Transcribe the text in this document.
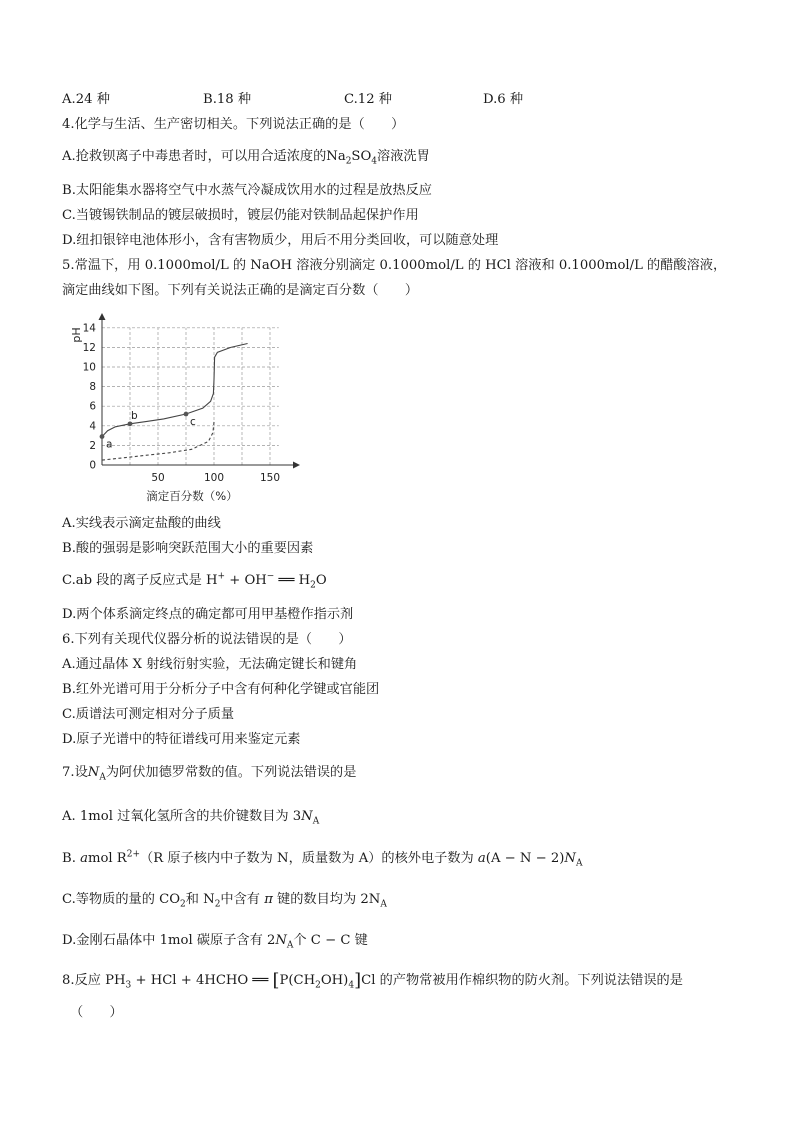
A.24 种	B.18 种	C.12 种	D.6 种
4.化学与生活、生产密切相关。下列说法正确的是（　　）
A.抢救钡离子中毒患者时，可以用合适浓度的$Na_2SO_4$溶液洗胃
B.太阳能集水器将空气中水蒸气冷凝成饮用水的过程是放热反应
C.当镀锡铁制品的镀层破损时，镀层仍能对铁制品起保护作用
D.纽扣银锌电池体形小，含有害物质少，用后不用分类回收，可以随意处理
5.常温下，用 0.1000mol/L 的 NaOH 溶液分别滴定 0.1000mol/L 的 HCl 溶液和 0.1000mol/L 的醋酸溶液，
滴定曲线如下图。下列有关说法正确的是滴定百分数（　　）
0
2
4
6
8
10
12
14
50	100	150
a
b
c
pH
滴定百分数（%）
A.实线表示滴定盐酸的曲线
B.酸的强弱是影响突跃范围大小的重要因素
C.ab 段的离子反应式是 H+ + OH− ══ $H_2O$
D.两个体系滴定终点的确定都可用甲基橙作指示剂
6.下列有关现代仪器分析的说法错误的是（　　）
A.通过晶体 X 射线衍射实验，无法确定键长和键角
B.红外光谱可用于分析分子中含有何种化学键或官能团
C.质谱法可测定相对分子质量
D.原子光谱中的特征谱线可用来鉴定元素
7.设$N_A$为阿伏加德罗常数的值。下列说法错误的是
A. 1mol 过氧化氢所含的共价键数目为 $3N_A$
B. amol $R^{2+}(R$ 原子核内中子数为 N，质量数为 A）的核外电子数为 $a(A - N - 2)N_A$
C.等物质的量的 $CO_2$和 $N_2$中含有 π 键的数目均为 $2N_A$
D.金刚石晶体中 1mol 碳原子含有 $2N_A$个 C − C 键
8.反应 $PH_3$ + HCl + 4HCHO ══ $[P(CH_2OH)_4]Cl$ 的产物常被用作棉织物的防火剂。下列说法错误的是
（　　）
